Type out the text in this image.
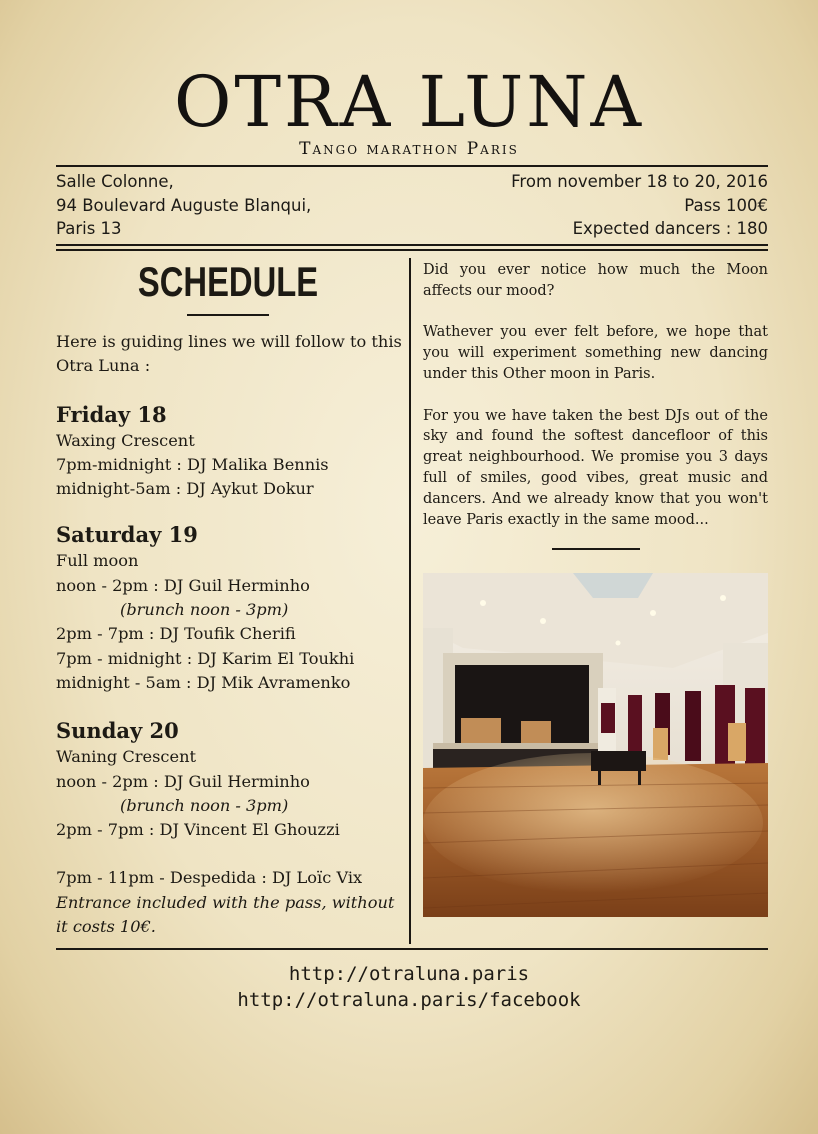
OTRA LUNA
Tango marathon Paris
Salle Colonne,
94 Boulevard Auguste Blanqui,
Paris 13
From november 18 to 20, 2016
Pass 100€
Expected dancers : 180
SCHEDULE

Here is guiding lines we will follow to this Otra Luna :

Friday 18

Waxing Crescent

7pm-midnight : DJ Malika Bennis

midnight-5am : DJ Aykut Dokur

Saturday 19

Full moon

noon - 2pm : DJ Guil Herminho

(brunch noon - 3pm)

2pm - 7pm : DJ Toufik Cherifi

7pm - midnight : DJ Karim El Toukhi

midnight - 5am : DJ Mik Avramenko

Sunday 20

Waning Crescent

noon - 2pm : DJ Guil Herminho

(brunch noon - 3pm)

2pm - 7pm : DJ Vincent El Ghouzzi

7pm - 11pm - Despedida : DJ Loïc Vix

Entrance included with the pass, without it costs 10€.

Did you ever notice how much the Moon affects our mood?

Wathever you ever felt before, we hope that you will experiment something new dancing under this Other moon in Paris.

For you we have taken the best DJs out of the sky and found the softest dancefloor of this great neighbourhood. We promise you 3 days full of smiles, good vibes, great music and dancers. And we already know that you won't leave Paris exactly in the same mood...

http://otraluna.paris
http://otraluna.paris/facebook
